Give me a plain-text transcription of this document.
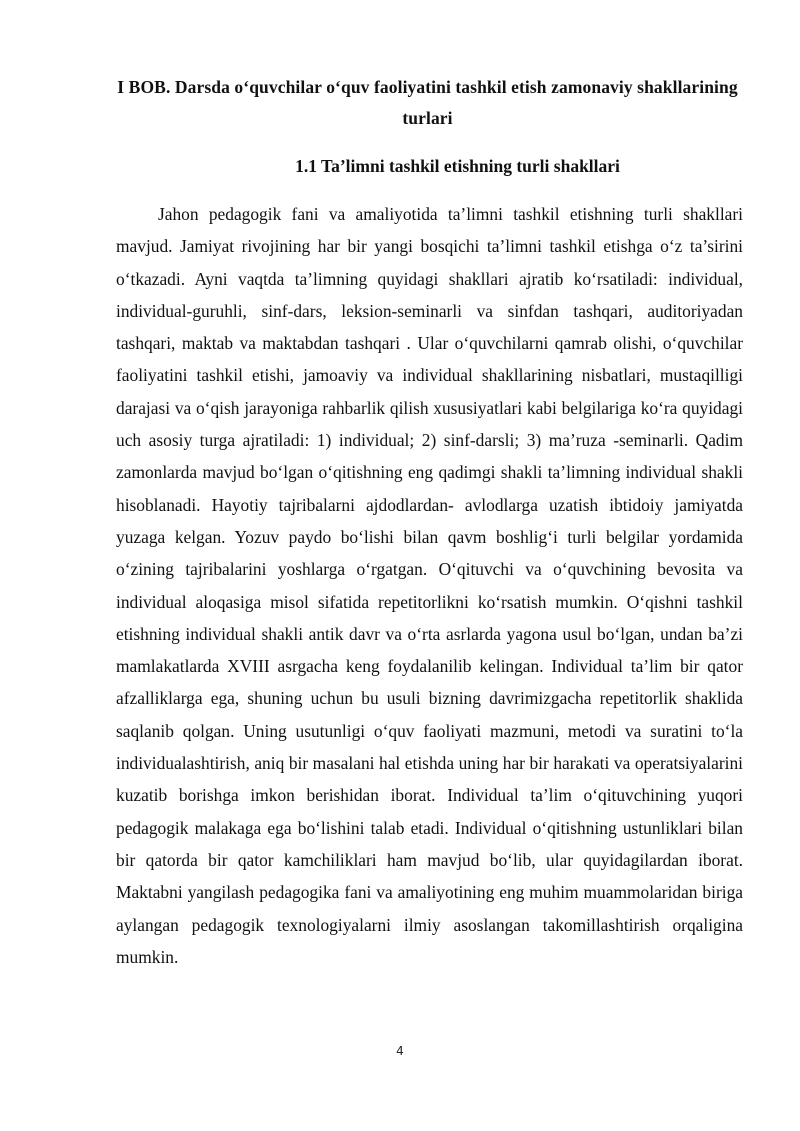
I BOB. Darsda o‘quvchilar o‘quv faoliyatini tashkil etish zamonaviy shakllarining turlari
1.1 Ta’limni tashkil etishning turli shakllari

Jahon pedagogik fani va amaliyotida ta’limni tashkil etishning turli shakllari mavjud. Jamiyat rivojining har bir yangi bosqichi ta’limni tashkil etishga o‘z ta’sirini o‘tkazadi. Ayni vaqtda ta’limning quyidagi shakllari ajratib ko‘rsatiladi: individual, individual-guruhli, sinf-dars, leksion-seminarli va sinfdan tashqari, auditoriyadan tashqari, maktab va maktabdan tashqari . Ular o‘quvchilarni qamrab olishi, o‘quvchilar faoliyatini tashkil etishi, jamoaviy va individual shakllarining nisbatlari, mustaqilligi darajasi va o‘qish jarayoniga rahbarlik qilish xususiyatlari kabi belgilariga ko‘ra quyidagi uch asosiy turga ajratiladi: 1) individual; 2) sinf-darsli; 3) ma’ruza -seminarli. Qadim zamonlarda mavjud bo‘lgan o‘qitishning eng qadimgi shakli ta’limning individual shakli hisoblanadi. Hayotiy tajribalarni ajdodlardan- avlodlarga uzatish ibtidoiy jamiyatda yuzaga kelgan. Yozuv paydo bo‘lishi bilan qavm boshlig‘i turli belgilar yordamida o‘zining tajribalarini yoshlarga o‘rgatgan. O‘qituvchi va o‘quvchining bevosita va individual aloqasiga misol sifatida repetitorlikni ko‘rsatish mumkin. O‘qishni tashkil etishning individual shakli antik davr va o‘rta asrlarda yagona usul bo‘lgan, undan ba’zi mamlakatlarda XVIII asrgacha keng foydalanilib kelingan. Individual ta’lim bir qator afzalliklarga ega, shuning uchun bu usuli bizning davrimizgacha repetitorlik shaklida saqlanib qolgan. Uning usutunligi o‘quv faoliyati mazmuni, metodi va suratini to‘la individualashtirish, aniq bir masalani hal etishda uning har bir harakati va operatsiyalarini kuzatib borishga imkon berishidan iborat. Individual ta’lim o‘qituvchining yuqori pedagogik malakaga ega bo‘lishini talab etadi. Individual o‘qitishning ustunliklari bilan bir qatorda bir qator kamchiliklari ham mavjud bo‘lib, ular quyidagilardan iborat. Maktabni yangilash pedagogika fani va amaliyotining eng muhim muammolaridan biriga aylangan pedagogik texnologiyalarni ilmiy asoslangan takomillashtirish orqaligina mumkin.

4
